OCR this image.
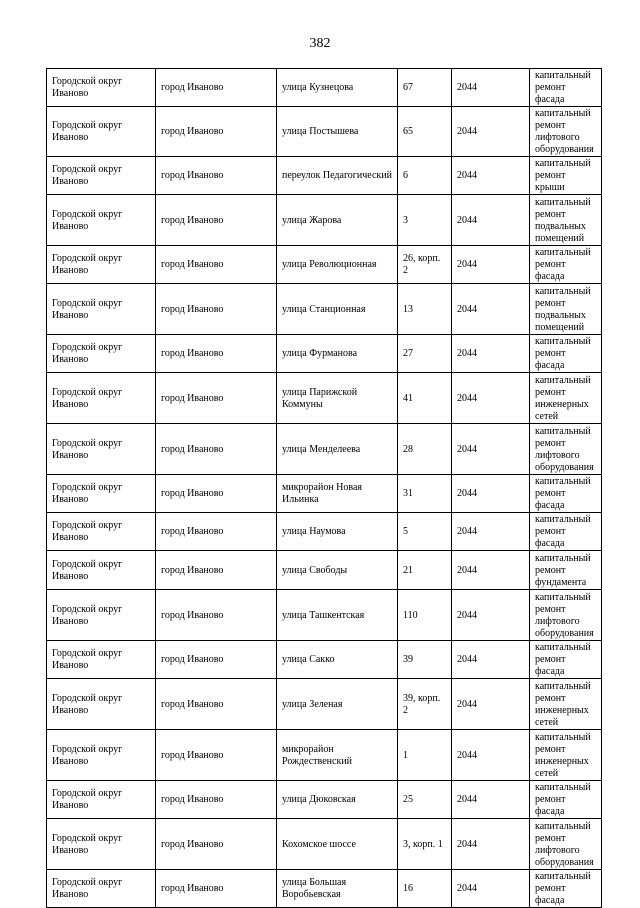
382
Городской округ Иваново	город Иваново	улица Кузнецова	67	2044	капитальный ремонт фасада
Городской округ Иваново	город Иваново	улица Постышева	65	2044	капитальный ремонт лифтового оборудования
Городской округ Иваново	город Иваново	переулок Педагогический	6	2044	капитальный ремонт крыши
Городской округ Иваново	город Иваново	улица Жарова	3	2044	капитальный ремонт подвальных помещений
Городской округ Иваново	город Иваново	улица Революционная	26, корп. 2	2044	капитальный ремонт фасада
Городской округ Иваново	город Иваново	улица Станционная	13	2044	капитальный ремонт подвальных помещений
Городской округ Иваново	город Иваново	улица Фурманова	27	2044	капитальный ремонт фасада
Городской округ Иваново	город Иваново	улица Парижской Коммуны	41	2044	капитальный ремонт инженерных сетей
Городской округ Иваново	город Иваново	улица Менделеева	28	2044	капитальный ремонт лифтового оборудования
Городской округ Иваново	город Иваново	микрорайон Новая Ильинка	31	2044	капитальный ремонт фасада
Городской округ Иваново	город Иваново	улица Наумова	5	2044	капитальный ремонт фасада
Городской округ Иваново	город Иваново	улица Свободы	21	2044	капитальный ремонт фундамента
Городской округ Иваново	город Иваново	улица Ташкентская	110	2044	капитальный ремонт лифтового оборудования
Городской округ Иваново	город Иваново	улица Сакко	39	2044	капитальный ремонт фасада
Городской округ Иваново	город Иваново	улица Зеленая	39, корп. 2	2044	капитальный ремонт инженерных сетей
Городской округ Иваново	город Иваново	микрорайон Рождественский	1	2044	капитальный ремонт инженерных сетей
Городской округ Иваново	город Иваново	улица Дюковская	25	2044	капитальный ремонт фасада
Городской округ Иваново	город Иваново	Кохомское шоссе	3, корп. 1	2044	капитальный ремонт лифтового оборудования
Городской округ Иваново	город Иваново	улица Большая Воробьевская	16	2044	капитальный ремонт фасада
